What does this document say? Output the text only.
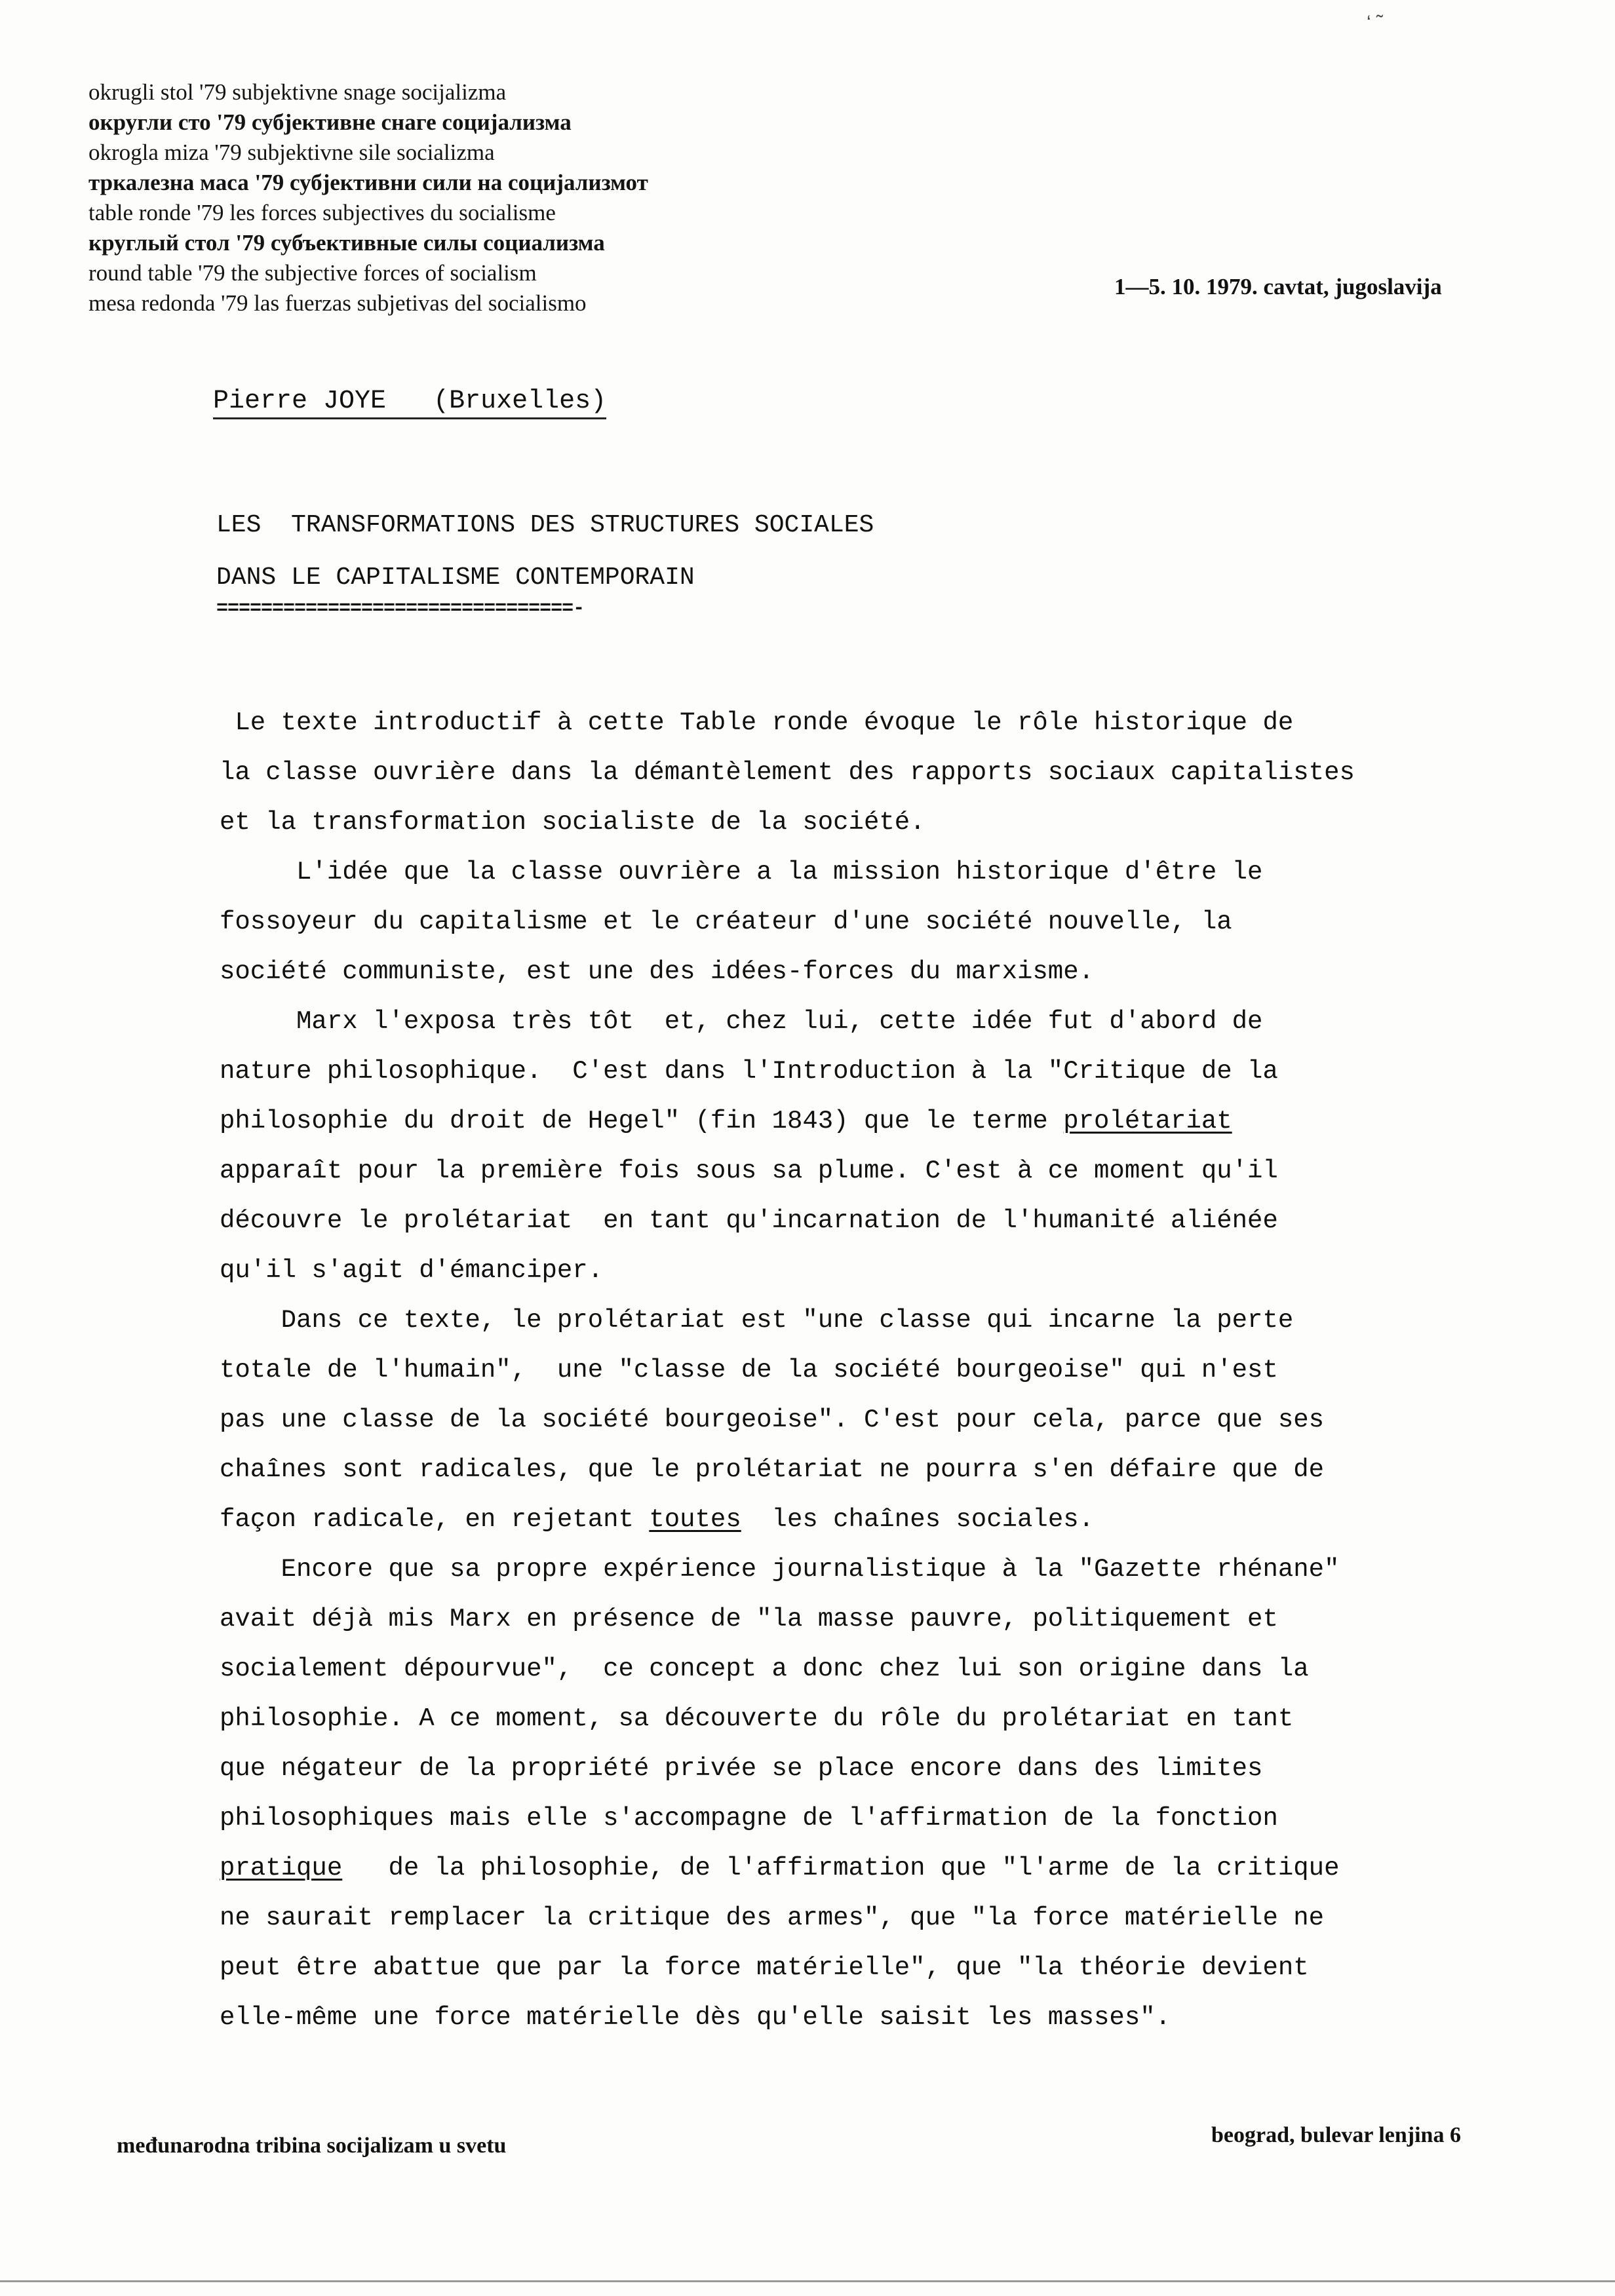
‘ ˜
okrugli stol '79 subjektivne snage socijalizma
округли сто '79 субјективне снаге социјализма
okrogla miza '79 subjektivne sile socializma
тркалезна маса '79 субјективни сили на социјализмот
table ronde '79 les forces subjectives du socialisme
круглый стол '79 субъективные силы социализма
round table '79 the subjective forces of socialism
mesa redonda '79 las fuerzas subjetivas del socialismo
1—5. 10. 1979. cavtat, jugoslavija
Pierre JOYE (Bruxelles)
LES  TRANSFORMATIONS DES STRUCTURES SOCIALES
DANS LE CAPITALISME CONTEMPORAIN
================================-
Le texte introductif à cette Table ronde évoque le rôle historique de
la classe ouvrière dans la démantèlement des rapports sociaux capitalistes
et la transformation socialiste de la société.
L'idée que la classe ouvrière a la mission historique d'être le
fossoyeur du capitalisme et le créateur d'une société nouvelle, la
société communiste, est une des idées-forces du marxisme.
Marx l'exposa très tôt  et, chez lui, cette idée fut d'abord de
nature philosophique.  C'est dans l'Introduction à la "Critique de la
philosophie du droit de Hegel" (fin 1843) que le terme prolétariat
apparaît pour la première fois sous sa plume. C'est à ce moment qu'il
découvre le prolétariat  en tant qu'incarnation de l'humanité aliénée
qu'il s'agit d'émanciper.
Dans ce texte, le prolétariat est "une classe qui incarne la perte
totale de l'humain",  une "classe de la société bourgeoise" qui n'est
pas une classe de la société bourgeoise". C'est pour cela, parce que ses
chaînes sont radicales, que le prolétariat ne pourra s'en défaire que de
façon radicale, en rejetant toutes  les chaînes sociales.
Encore que sa propre expérience journalistique à la "Gazette rhénane"
avait déjà mis Marx en présence de "la masse pauvre, politiquement et
socialement dépourvue",  ce concept a donc chez lui son origine dans la
philosophie. A ce moment, sa découverte du rôle du prolétariat en tant
que négateur de la propriété privée se place encore dans des limites
philosophiques mais elle s'accompagne de l'affirmation de la fonction
pratique   de la philosophie, de l'affirmation que "l'arme de la critique
ne saurait remplacer la critique des armes", que "la force matérielle ne
peut être abattue que par la force matérielle", que "la théorie devient
elle-même une force matérielle dès qu'elle saisit les masses".
međunarodna tribina socijalizam u svetu	beograd, bulevar lenjina 6
